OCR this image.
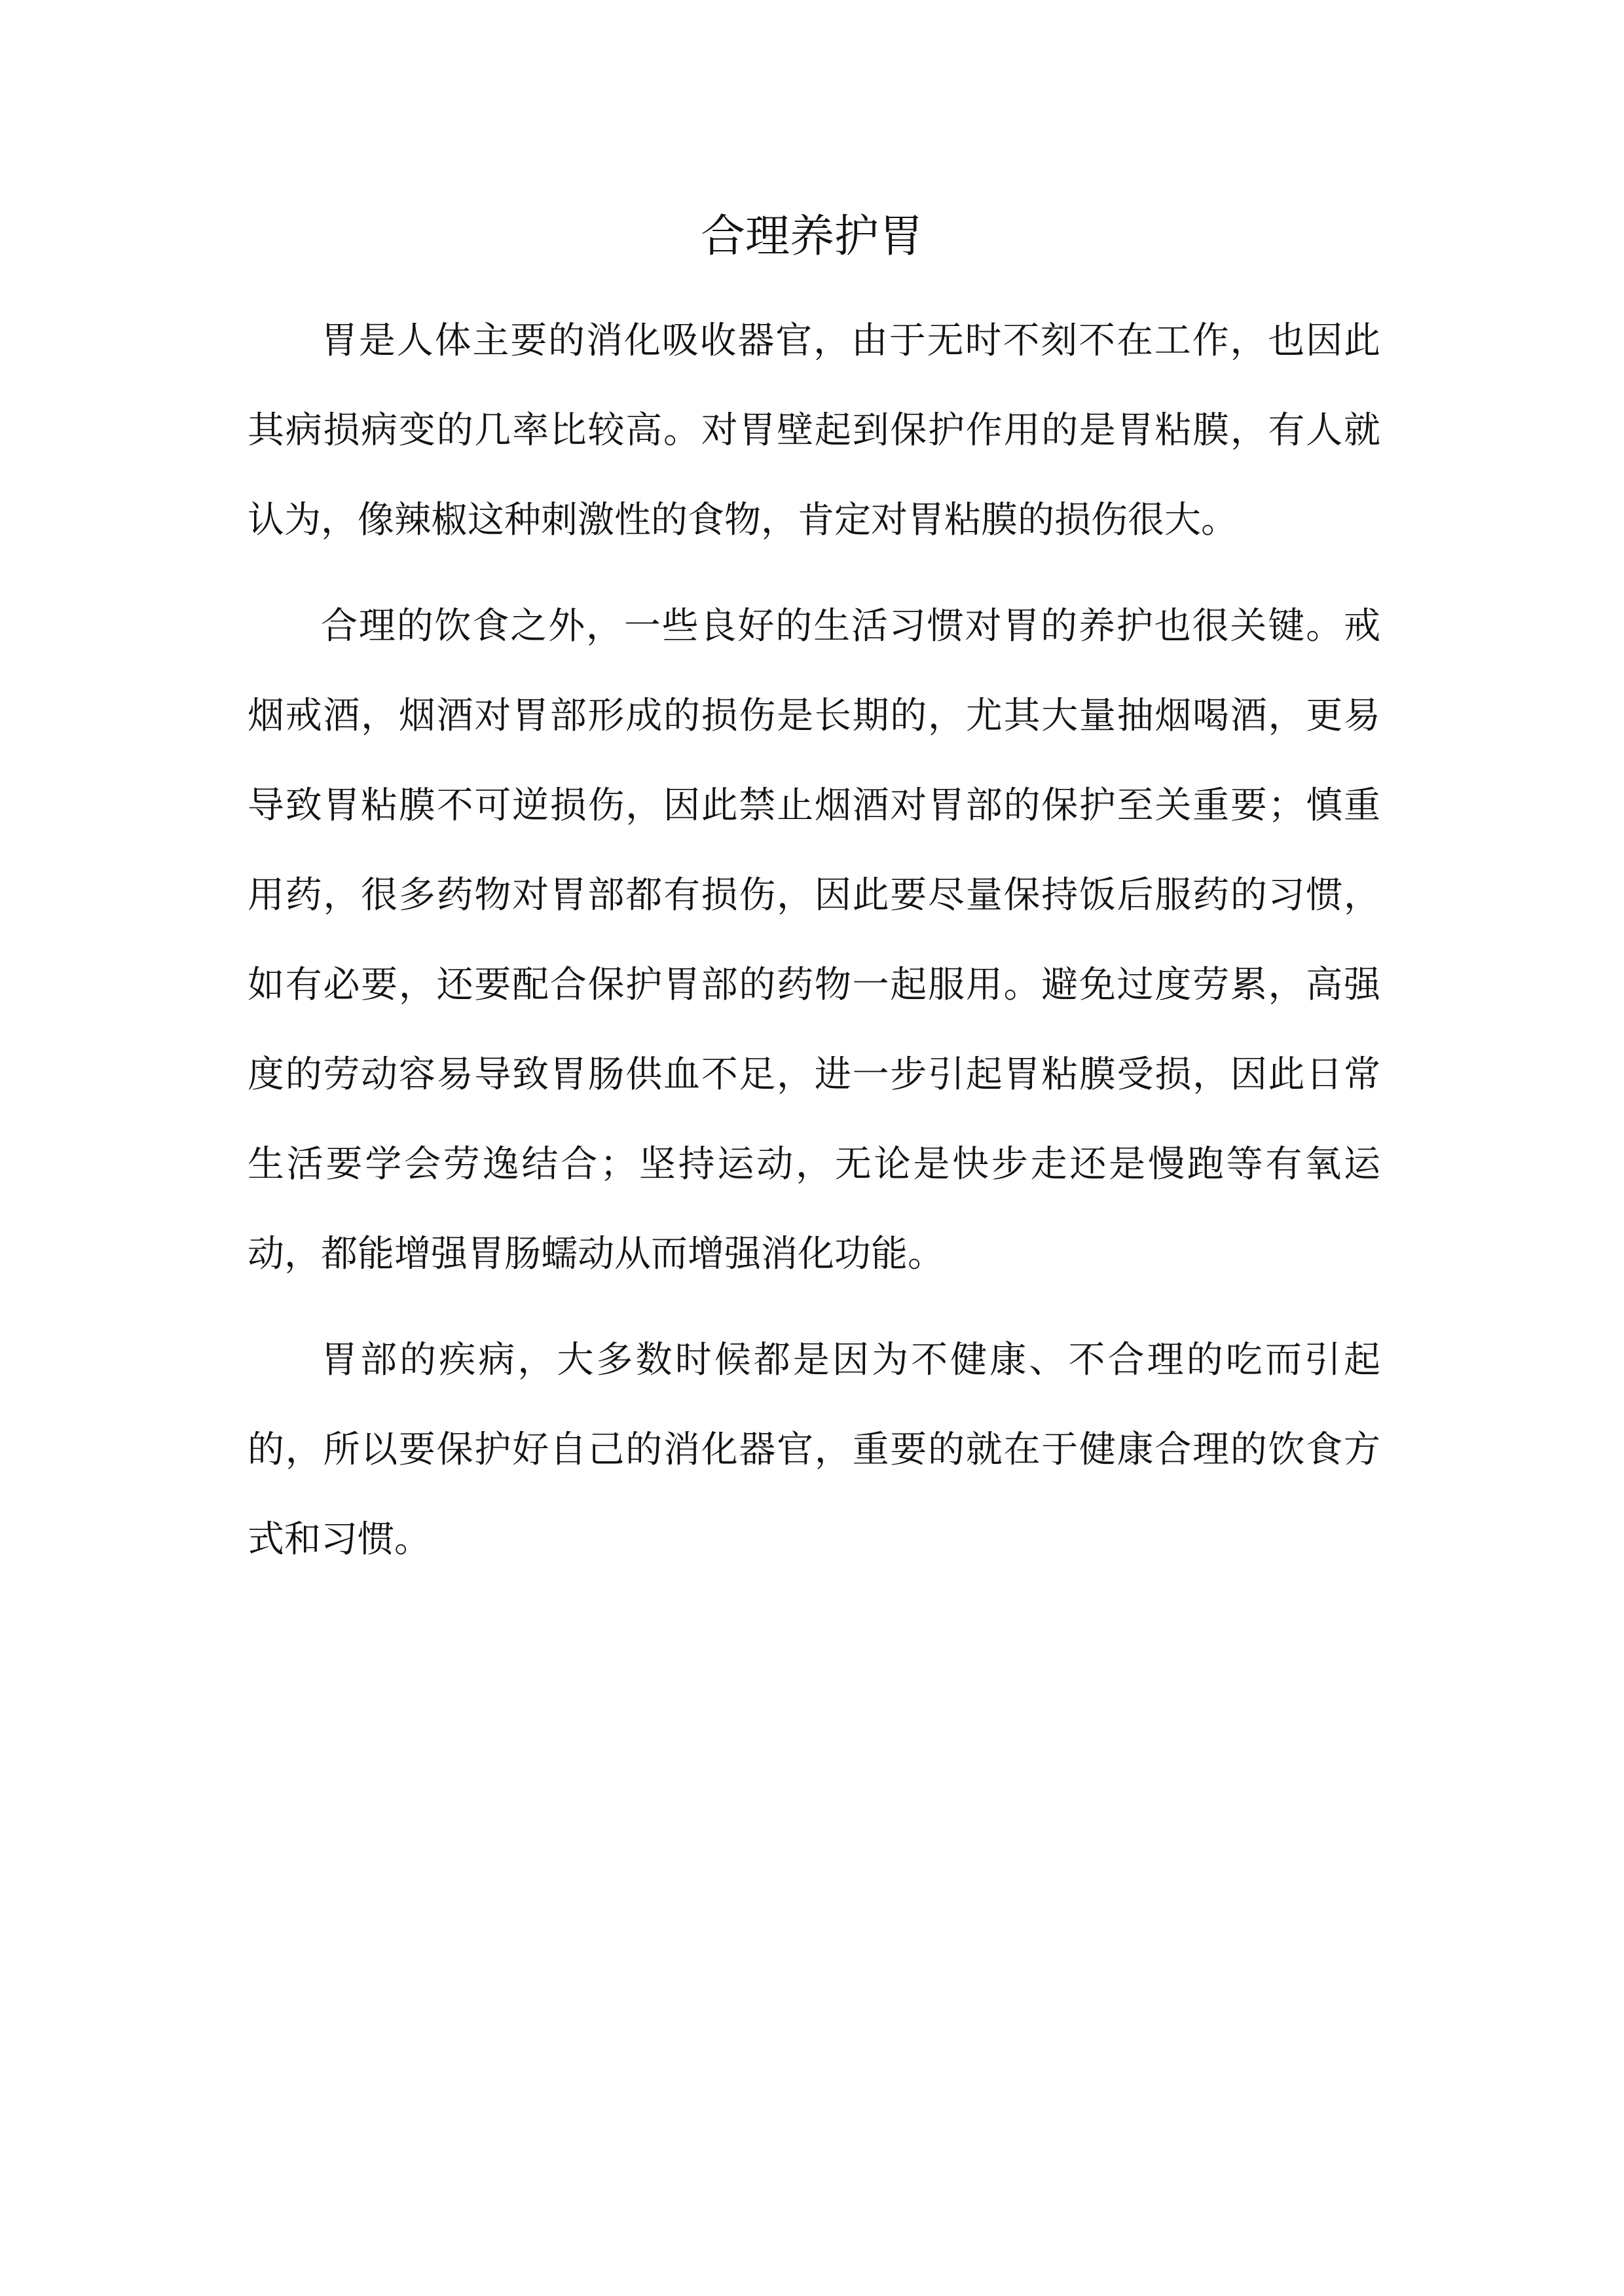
合理养护胃

胃是人体主要的消化吸收器官，由于无时不刻不在工作，也因此其病损病变的几率比较高。对胃壁起到保护作用的是胃粘膜，有人就认为，像辣椒这种刺激性的食物，肯定对胃粘膜的损伤很大。

合理的饮食之外，一些良好的生活习惯对胃的养护也很关键。戒烟戒酒，烟酒对胃部形成的损伤是长期的，尤其大量抽烟喝酒，更易导致胃粘膜不可逆损伤，因此禁止烟酒对胃部的保护至关重要；慎重用药，很多药物对胃部都有损伤，因此要尽量保持饭后服药的习惯，如有必要，还要配合保护胃部的药物一起服用。避免过度劳累，高强度的劳动容易导致胃肠供血不足，进一步引起胃粘膜受损，因此日常生活要学会劳逸结合；坚持运动，无论是快步走还是慢跑等有氧运动，都能增强胃肠蠕动从而增强消化功能。

胃部的疾病，大多数时候都是因为不健康、不合理的吃而引起的，所以要保护好自己的消化器官，重要的就在于健康合理的饮食方式和习惯。
